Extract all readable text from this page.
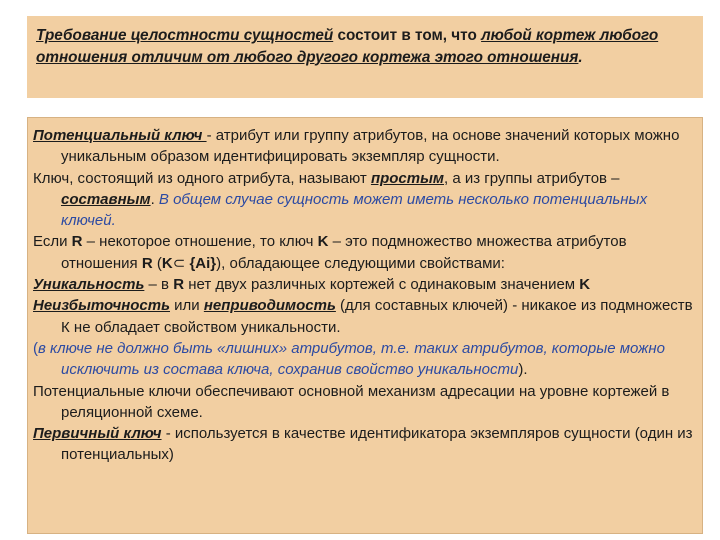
Требование целостности сущностей состоит в том, что любой кортеж любого отношения отличим от любого другого кортежа этого отношения.

Потенциальный ключ - атрибут или группу атрибутов, на основе значений которых можно уникальным образом идентифицировать экземпляр сущности.

Ключ, состоящий из одного атрибута, называют простым, а из группы атрибутов – составным. В общем случае сущность может иметь несколько потенциальных ключей.

Если R – некоторое отношение, то ключ K – это подмножество множества атрибутов отношения R (K⊂ {Ai}), обладающее следующими свойствами:

Уникальность – в R нет двух различных кортежей с одинаковым значением K

Неизбыточность или неприводимость (для составных ключей) - никакое из подмножеств К не обладает свойством уникальности.

(в ключе не должно быть «лишних» атрибутов, т.е. таких атрибутов, которые можно исключить из состава ключа, сохранив свойство уникальности).

Потенциальные ключи обеспечивают основной механизм адресации на уровне кортежей в реляционной схеме.

Первичный ключ - используется в качестве идентификатора экземпляров сущности (один из потенциальных)
